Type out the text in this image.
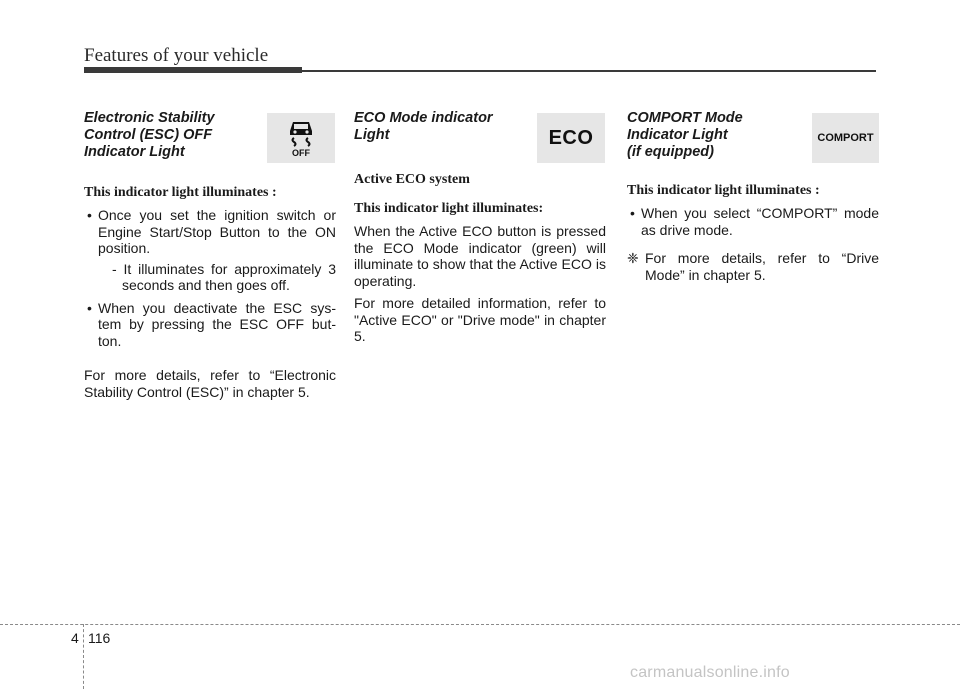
Features of your vehicle
Electronic Stability
Control (ESC) OFF
Indicator Light	OFF

This indicator light illuminates :

• Once you set the ignition switch or Engine Start/Stop Button to the ON position.

- It illuminates for approximately 3 seconds and then goes off.

• When you deactivate the ESC sys-tem by pressing the ESC OFF but-ton.

For more details, refer to “Electronic Stability Control (ESC)” in chapter 5.

ECO Mode indicator
Light	ECO

Active ECO system

This indicator light illuminates:

When the Active ECO button is pressed the ECO Mode indicator (green) will illuminate to show that the Active ECO is operating.

For more detailed information, refer to "Active ECO" or "Drive mode" in chapter 5.

COMPORT Mode
Indicator Light
(if equipped)
COMPORT

This indicator light illuminates :

• When you select “COMPORT” mode as drive mode.

❈ For more details, refer to “Drive Mode” in chapter 5.

4 116
carmanualsonline.info
